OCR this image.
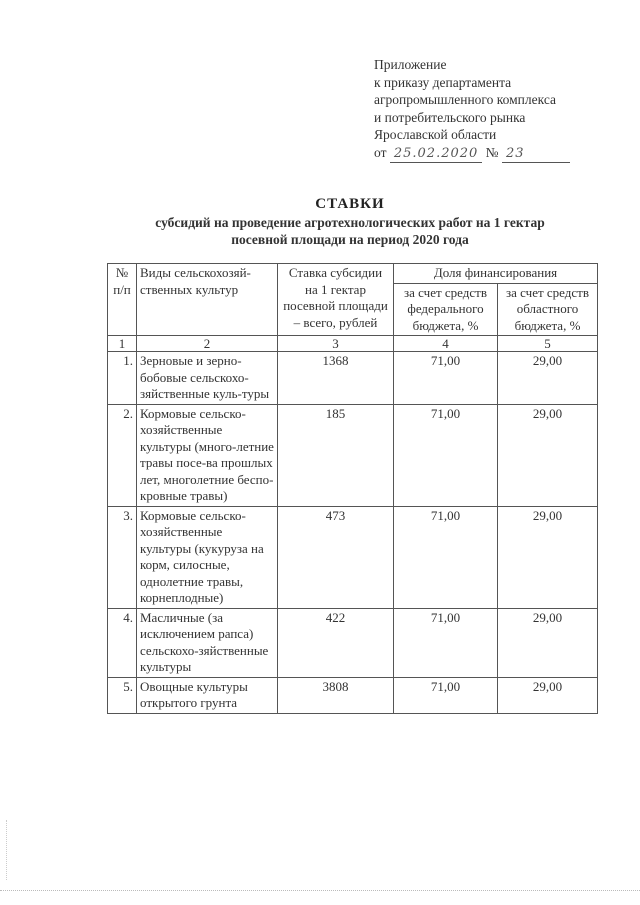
Приложение
к приказу департамента
агропромышленного комплекса
и потребительского рынка
Ярославской области
от 25.02.2020 № 23
СТАВКИ
субсидий на проведение агротехнологических работ на 1 гектар
посевной площади на период 2020 года
№ п/п	Виды сельскохозяй-ственных культур	Ставка субсидии на 1 гектар посевной площади – всего, рублей	Доля финансирования	
			за счет средств федерального бюджета, %	за счет средств областного бюджета, %
1	2	3	4	5
1.	Зерновые и зерно-бобовые сельскохо-зяйственные куль-туры	1368	71,00	29,00
2.	Кормовые сельско-хозяйственные культуры (много-летние травы посе-ва прошлых лет, многолетние беспо-кровные травы)	185	71,00	29,00
3.	Кормовые сельско-хозяйственные культуры (кукуруза на корм, силосные, однолетние травы, корнеплодные)	473	71,00	29,00
4.	Масличные (за исключением рапса) сельскохо-зяйственные культуры	422	71,00	29,00
5.	Овощные культуры открытого грунта	3808	71,00	29,00
